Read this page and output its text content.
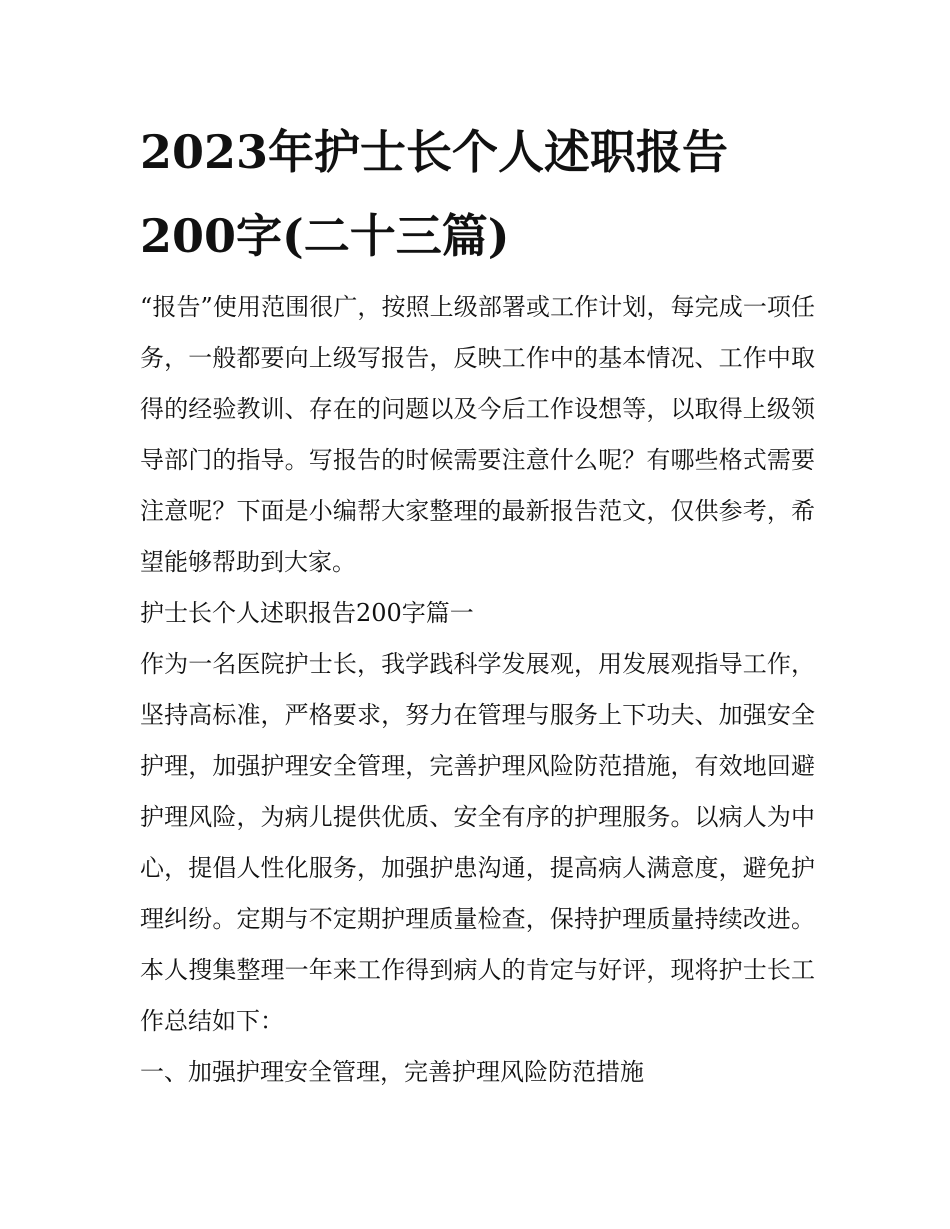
2023年护士长个人述职报告
200字(二十三篇)

“报告”使用范围很广，按照上级部署或工作计划，每完成一项任务，一般都要向上级写报告，反映工作中的基本情况、工作中取得的经验教训、存在的问题以及今后工作设想等，以取得上级领导部门的指导。写报告的时候需要注意什么呢？有哪些格式需要注意呢？下面是小编帮大家整理的最新报告范文，仅供参考，希望能够帮助到大家。

护士长个人述职报告200字篇一

作为一名医院护士长，我学践科学发展观，用发展观指导工作，坚持高标准，严格要求，努力在管理与服务上下功夫、加强安全护理，加强护理安全管理，完善护理风险防范措施，有效地回避护理风险，为病儿提供优质、安全有序的护理服务。以病人为中心，提倡人性化服务，加强护患沟通，提高病人满意度，避免护理纠纷。定期与不定期护理质量检查，保持护理质量持续改进。本人搜集整理一年来工作得到病人的肯定与好评，现将护士长工作总结如下：

一、加强护理安全管理，完善护理风险防范措施
